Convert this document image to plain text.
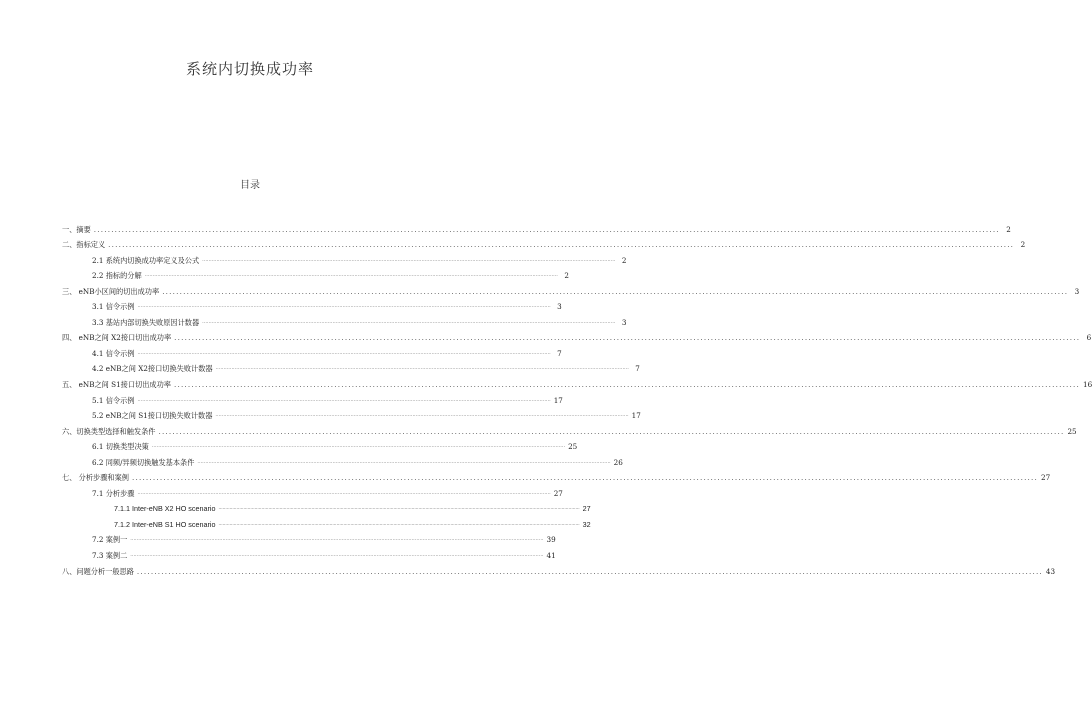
系统内切换成功率
目录
一、摘要 .................................................................................................................................................................................................................................................................... 2
二、指标定义 .................................................................................................................................................................................................................................................................... 2
2.1 系统内切换成功率定义及公式 .................................................................................................................................................................................................................................................................... 2
2.2 指标的分解 .................................................................................................................................................................................................................................................................... 2
三、 eNB小区间的切出成功率 .................................................................................................................................................................................................................................................................... 3
3.1 信令示例 .................................................................................................................................................................................................................................................................... 3
3.3 基站内部切换失败原因计数器 .................................................................................................................................................................................................................................................................... 3
四、 eNB之间 X2接口切出成功率 .................................................................................................................................................................................................................................................................... 6
4.1 信令示例 .................................................................................................................................................................................................................................................................... 7
4.2 eNB之间 X2接口切换失败计数器 .................................................................................................................................................................................................................................................................... 7
五、 eNB之间 S1接口切出成功率 .................................................................................................................................................................................................................................................................... 16
5.1 信令示例 .................................................................................................................................................................................................................................................................... 17
5.2 eNB之间 S1接口切换失败计数器 .................................................................................................................................................................................................................................................................... 17
六、切换类型选择和触发条件 .................................................................................................................................................................................................................................................................... 25
6.1 切换类型决策 .................................................................................................................................................................................................................................................................... 25
6.2 同频/异频切换触发基本条件 .................................................................................................................................................................................................................................................................... 26
七、 分析步骤和案例 .................................................................................................................................................................................................................................................................... 27
7.1 分析步骤 .................................................................................................................................................................................................................................................................... 27
7.1.1 Inter-eNB X2 HO scenario .................................................................................................................................................................................................................................................................... 27
7.1.2 Inter-eNB S1 HO scenario .................................................................................................................................................................................................................................................................... 32
7.2 案例一 .................................................................................................................................................................................................................................................................... 39
7.3 案例二 .................................................................................................................................................................................................................................................................... 41
八、问题分析一般思路 .................................................................................................................................................................................................................................................................... 43
